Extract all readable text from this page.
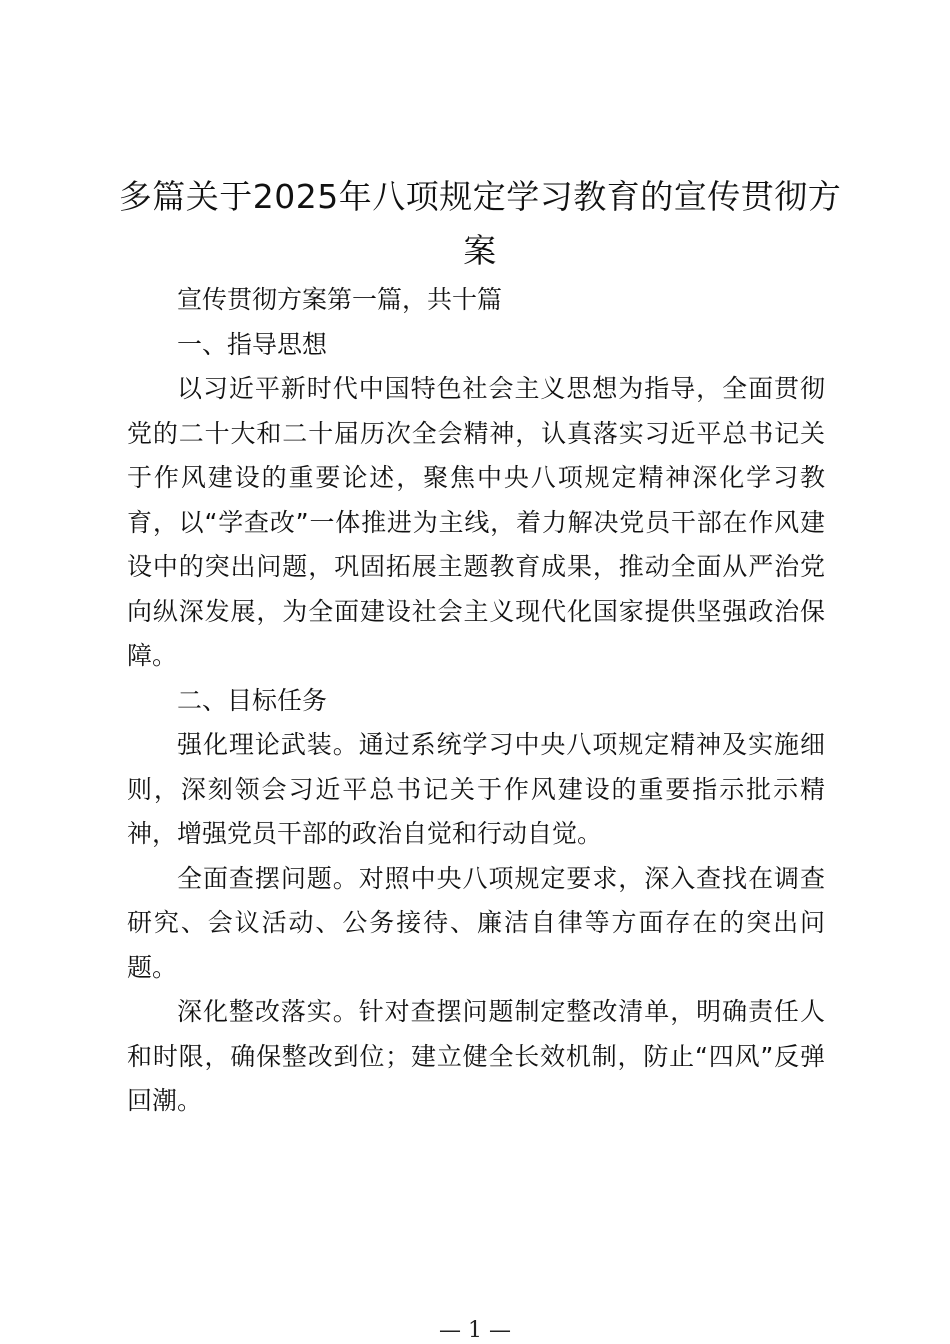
多篇关于2025年八项规定学习教育的宣传贯彻方案

宣传贯彻方案第一篇，共十篇

一、指导思想

以习近平新时代中国特色社会主义思想为指导，全面贯彻党的二十大和二十届历次全会精神，认真落实习近平总书记关于作风建设的重要论述，聚焦中央八项规定精神深化学习教育，以“学查改”一体推进为主线，着力解决党员干部在作风建设中的突出问题，巩固拓展主题教育成果，推动全面从严治党向纵深发展，为全面建设社会主义现代化国家提供坚强政治保障。

二、目标任务

强化理论武装。通过系统学习中央八项规定精神及实施细则，深刻领会习近平总书记关于作风建设的重要指示批示精神，增强党员干部的政治自觉和行动自觉。

全面查摆问题。对照中央八项规定要求，深入查找在调查研究、会议活动、公务接待、廉洁自律等方面存在的突出问题。

深化整改落实。针对查摆问题制定整改清单，明确责任人和时限，确保整改到位；建立健全长效机制，防止“四风”反弹回潮。

— 1 —
